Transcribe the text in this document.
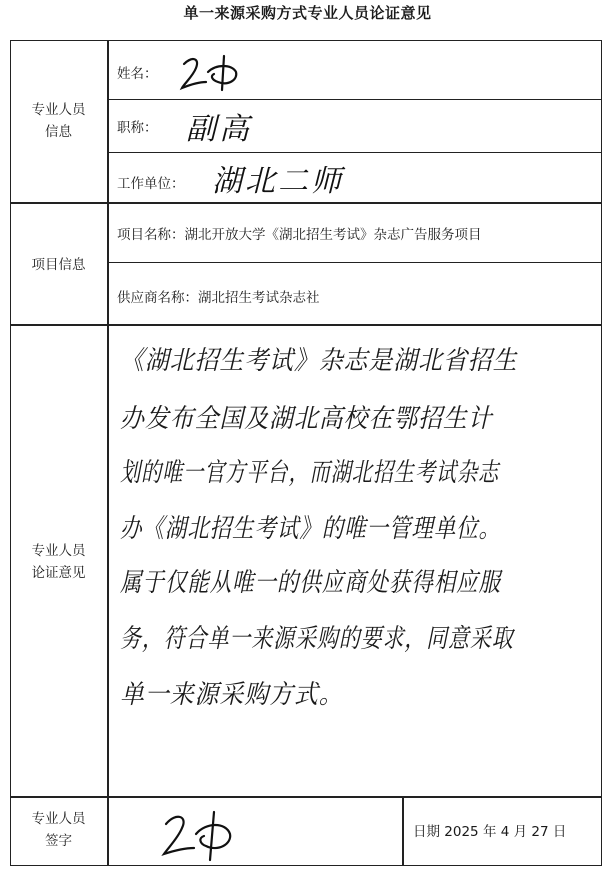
单一来源采购方式专业人员论证意见
专业人员
信息
姓名：
职称： 副高
工作单位： 湖北二师
项目信息
项目名称：湖北开放大学《湖北招生考试》杂志广告服务项目
供应商名称：湖北招生考试杂志社
专业人员
论证意见
《湖北招生考试》杂志是湖北省招生
办发布全国及湖北高校在鄂招生计
划的唯一官方平台，而湖北招生考试杂志
办《湖北招生考试》的唯一管理单位。
属于仅能从唯一的供应商处获得相应服
务，符合单一来源采购的要求，同意采取
单一来源采购方式。
专业人员
签字
日期 2025 年 4 月 27 日
